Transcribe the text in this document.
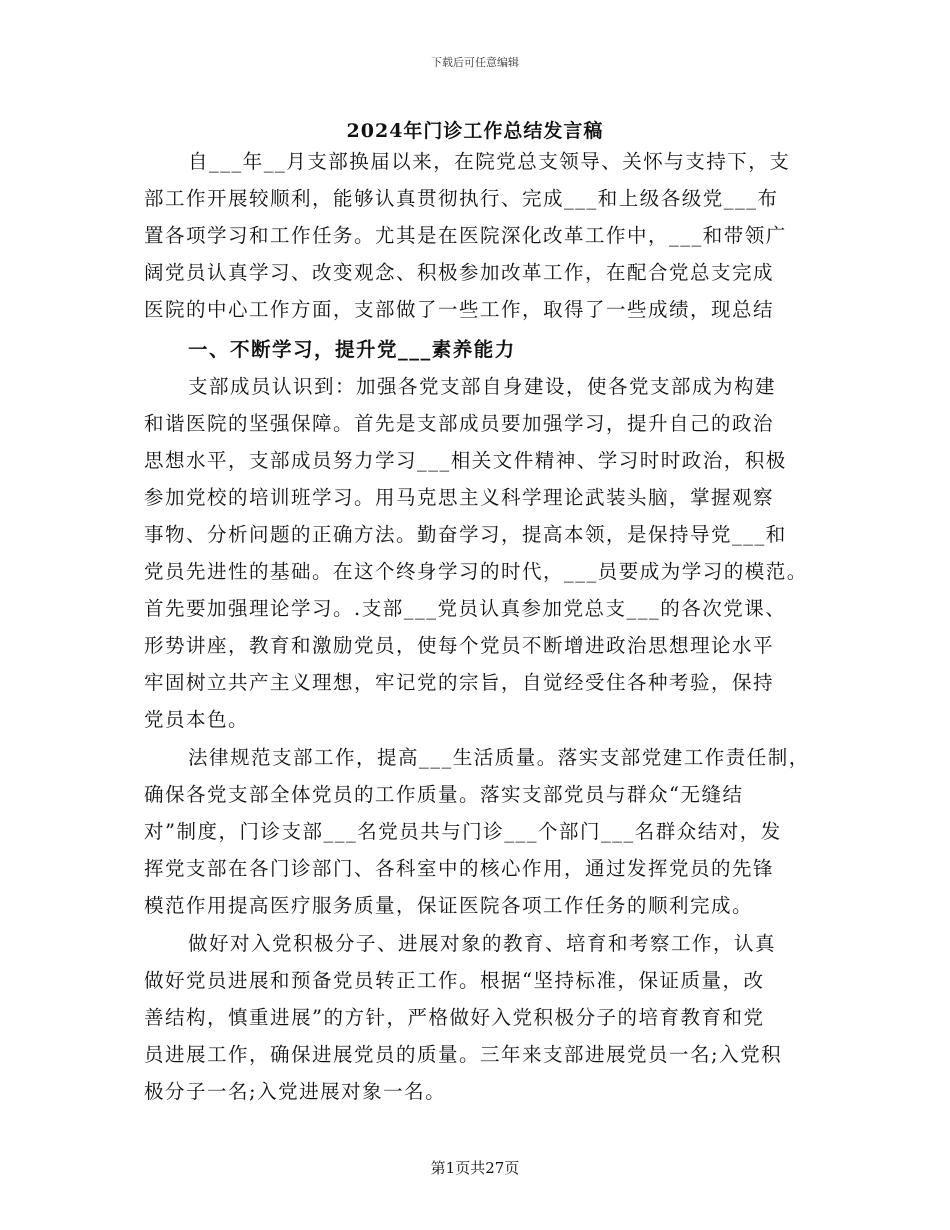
下载后可任意编辑
2024年门诊工作总结发言稿
自___年__月支部换届以来，在院党总支领导、关怀与支持下，支
部工作开展较顺利，能够认真贯彻执行、完成___和上级各级党___布
置各项学习和工作任务。尤其是在医院深化改革工作中，___和带领广
阔党员认真学习、改变观念、积极参加改革工作，在配合党总支完成
医院的中心工作方面，支部做了一些工作，取得了一些成绩，现总结
一、不断学习，提升党___素养能力
支部成员认识到：加强各党支部自身建设，使各党支部成为构建
和谐医院的坚强保障。首先是支部成员要加强学习，提升自己的政治
思想水平，支部成员努力学习___相关文件精神、学习时时政治，积极
参加党校的培训班学习。用马克思主义科学理论武装头脑，掌握观察
事物、分析问题的正确方法。勤奋学习，提高本领，是保持导党___和
党员先进性的基础。在这个终身学习的时代，___员要成为学习的模范。
首先要加强理论学习。.支部___党员认真参加党总支___的各次党课、
形势讲座，教育和激励党员，使每个党员不断增进政治思想理论水平
牢固树立共产主义理想，牢记党的宗旨，自觉经受住各种考验，保持
党员本色。
法律规范支部工作，提高___生活质量。落实支部党建工作责任制，
确保各党支部全体党员的工作质量。落实支部党员与群众“无缝结
对”制度，门诊支部___名党员共与门诊___个部门___名群众结对，发
挥党支部在各门诊部门、各科室中的核心作用，通过发挥党员的先锋
模范作用提高医疗服务质量，保证医院各项工作任务的顺利完成。
做好对入党积极分子、进展对象的教育、培育和考察工作，认真
做好党员进展和预备党员转正工作。根据“坚持标准，保证质量，改
善结构，慎重进展”的方针，严格做好入党积极分子的培育教育和党
员进展工作，确保进展党员的质量。三年来支部进展党员一名;入党积
极分子一名;入党进展对象一名。
第1页共27页
